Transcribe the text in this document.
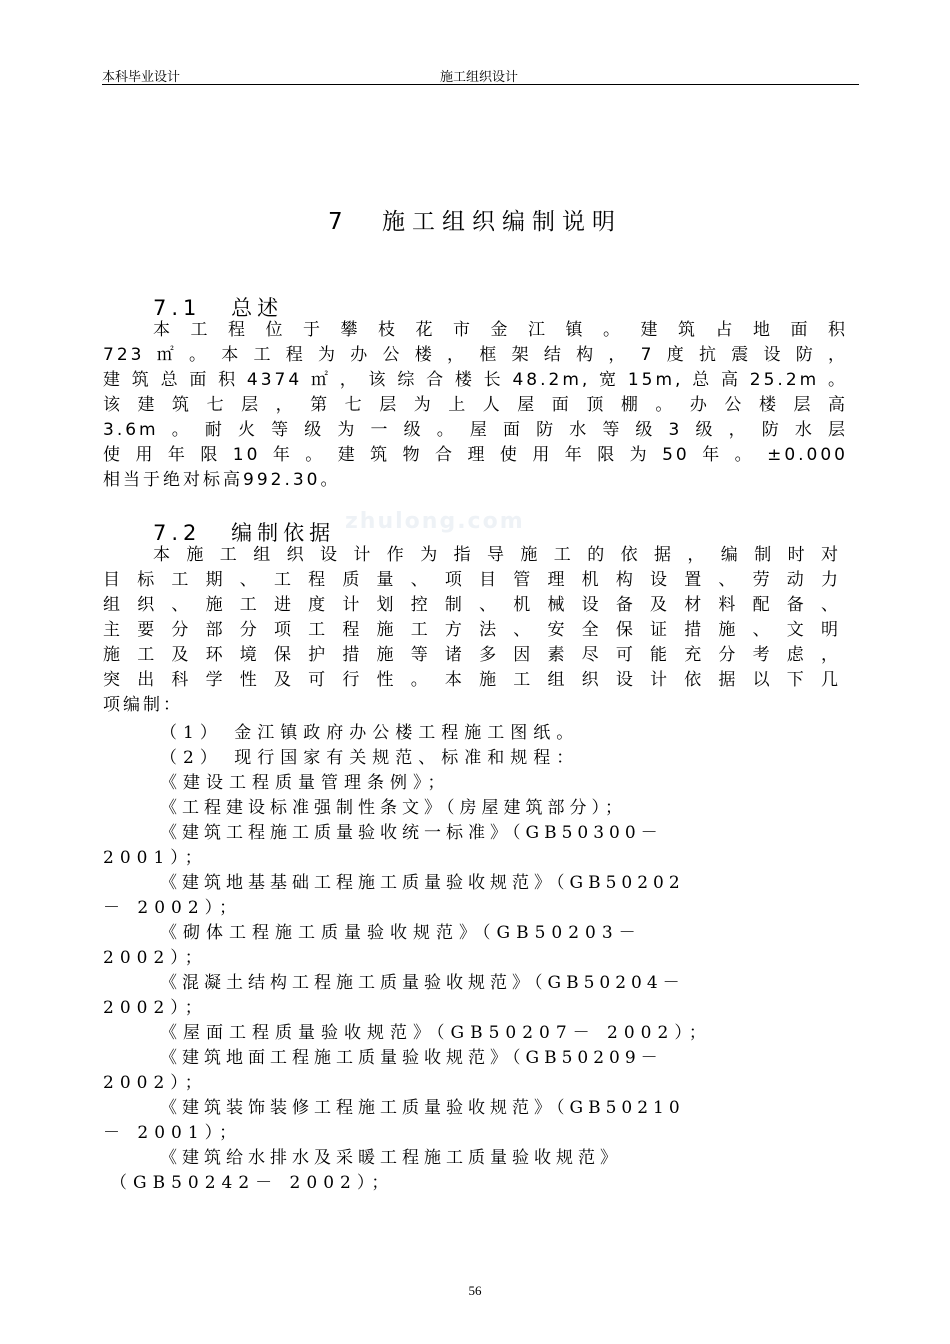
本科毕业设计	施工组织设计
7 施工组织编制说明
7.1 总述
本工程位于攀枝花市金江镇。建筑占地面积
723㎡。本工程为办公楼，框架结构，7度抗震设防，
建筑总面积4374㎡，该综合楼长48.2m,宽15m,总高25.2m。
该建筑七层，第七层为上人屋面顶棚。办公楼层高
3.6m。耐火等级为一级。屋面防水等级3级，防水层
使用年限10年。建筑物合理使用年限为50年。±0.000
相当于绝对标高992.30。
zhulong.com
7.2 编制依据
本施工组织设计作为指导施工的依据，编制时对
目标工期、工程质量、项目管理机构设置、劳动力
组织、施工进度计划控制、机械设备及材料配备、
主要分部分项工程施工方法、安全保证措施、文明
施工及环境保护措施等诸多因素尽可能充分考虑，
突出科学性及可行性。本施工组织设计依据以下几
项编制：
（1） 金江镇政府办公楼工程施工图纸。
（2） 现行国家有关规范、标准和规程：
《建设工程质量管理条例》；
《工程建设标准强制性条文》（房屋建筑部分）；
《建筑工程施工质量验收统一标准》（GB50300－
2001）；
《建筑地基基础工程施工质量验收规范》（GB50202
－ 2002）；
《砌体工程施工质量验收规范》（GB50203－
2002）；
《混凝土结构工程施工质量验收规范》（GB50204－
2002）；
《屋面工程质量验收规范》（GB50207－ 2002）；
《建筑地面工程施工质量验收规范》（GB50209－
2002）；
《建筑装饰装修工程施工质量验收规范》（GB50210
－ 2001）；
《建筑给水排水及采暖工程施工质量验收规范》
（GB50242－ 2002）；
56
